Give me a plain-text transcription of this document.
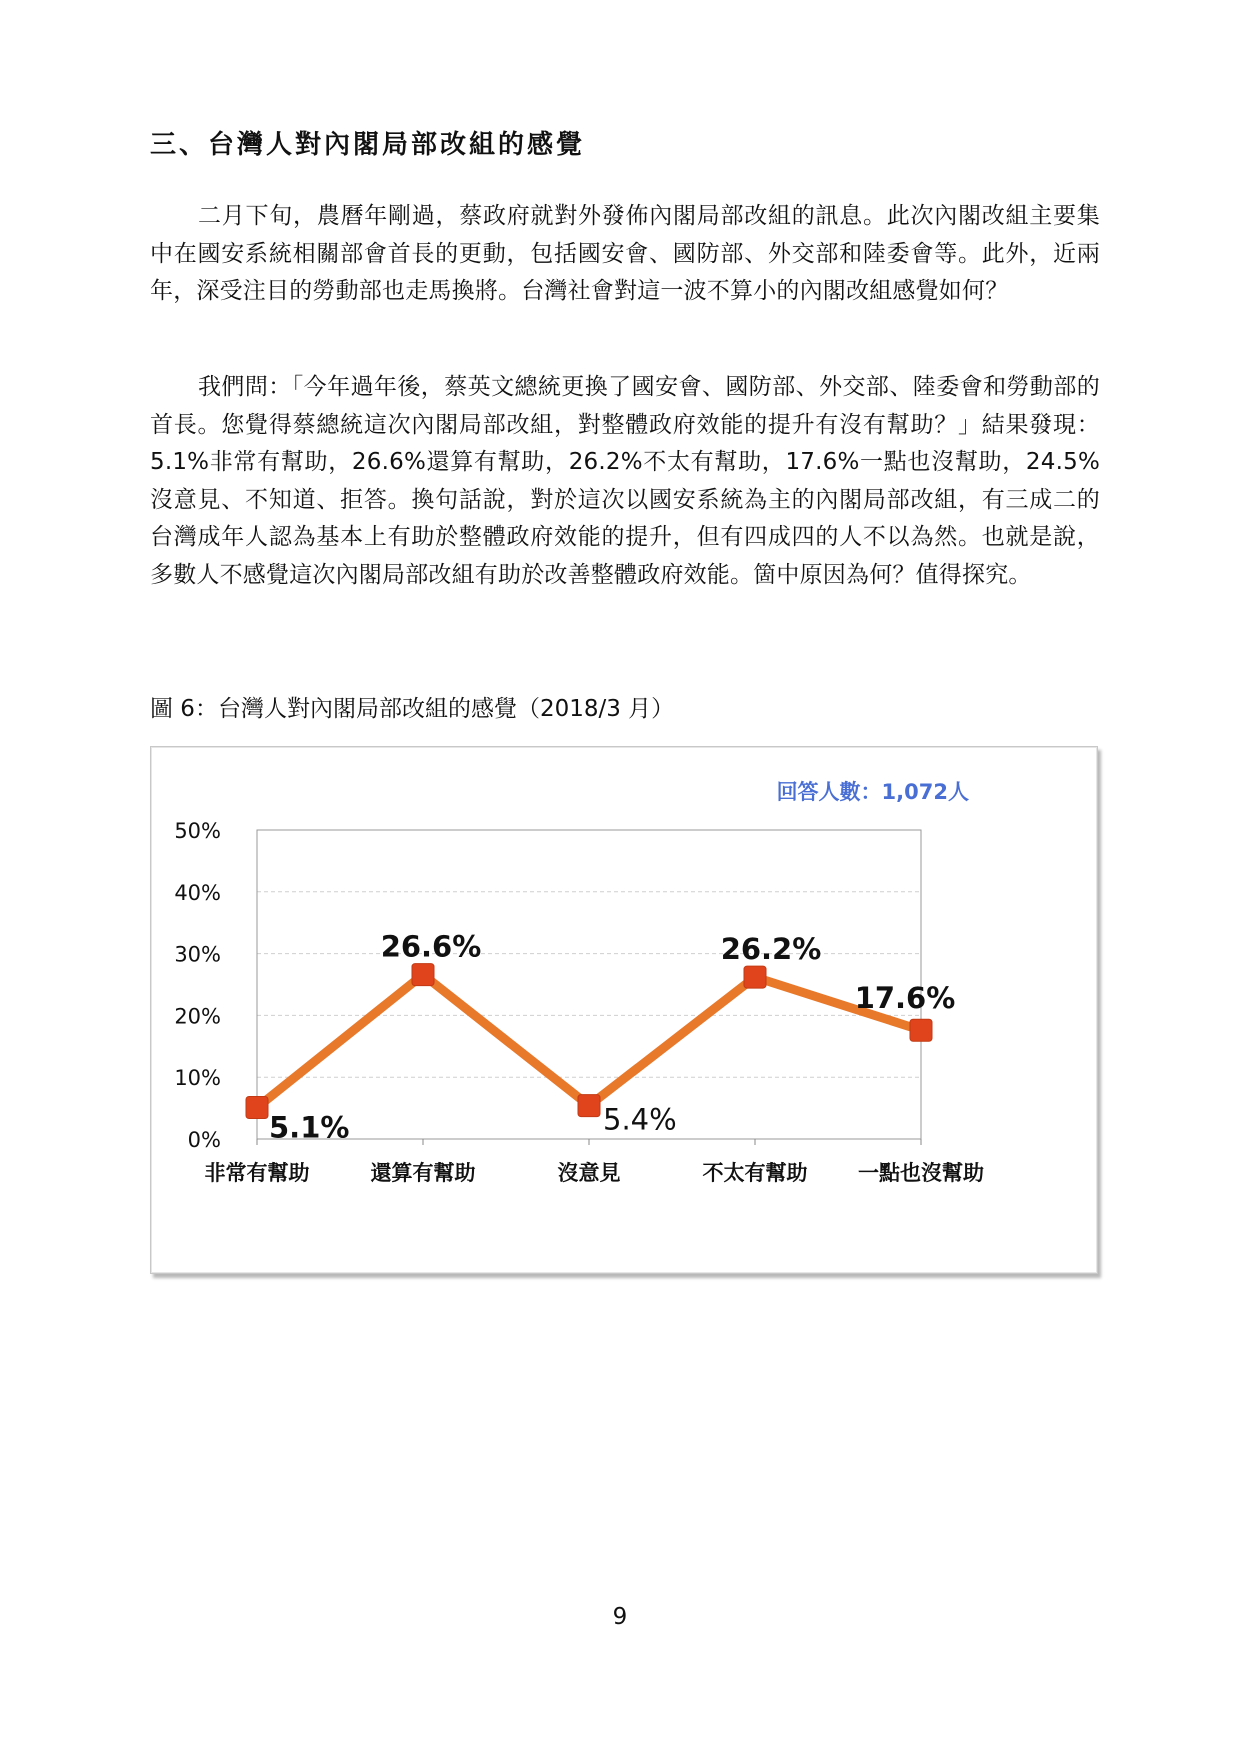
三、台灣人對內閣局部改組的感覺

二月下旬，農曆年剛過，蔡政府就對外發佈內閣局部改組的訊息。此次內閣改組主要集中在國安系統相關部會首長的更動，包括國安會、國防部、外交部和陸委會等。此外，近兩年，深受注目的勞動部也走馬換將。台灣社會對這一波不算小的內閣改組感覺如何？

我們問：「今年過年後，蔡英文總統更換了國安會、國防部、外交部、陸委會和勞動部的首長。您覺得蔡總統這次內閣局部改組，對整體政府效能的提升有沒有幫助？」結果發現：5.1%非常有幫助，26.6%還算有幫助，26.2%不太有幫助，17.6%一點也沒幫助，24.5%沒意見、不知道、拒答。換句話說，對於這次以國安系統為主的內閣局部改組，有三成二的台灣成年人認為基本上有助於整體政府效能的提升，但有四成四的人不以為然。也就是說，多數人不感覺這次內閣局部改組有助於改善整體政府效能。箇中原因為何？值得探究。

圖 6：台灣人對內閣局部改組的感覺（2018/3 月）
0%
10%
20%
30%
40%
50%
非常有幫助	還算有幫助	沒意見	不太有幫助 一點也沒幫助
5.1%
26.6%
5.4%
26.2%
17.6%
回答人數：1,072人
9
